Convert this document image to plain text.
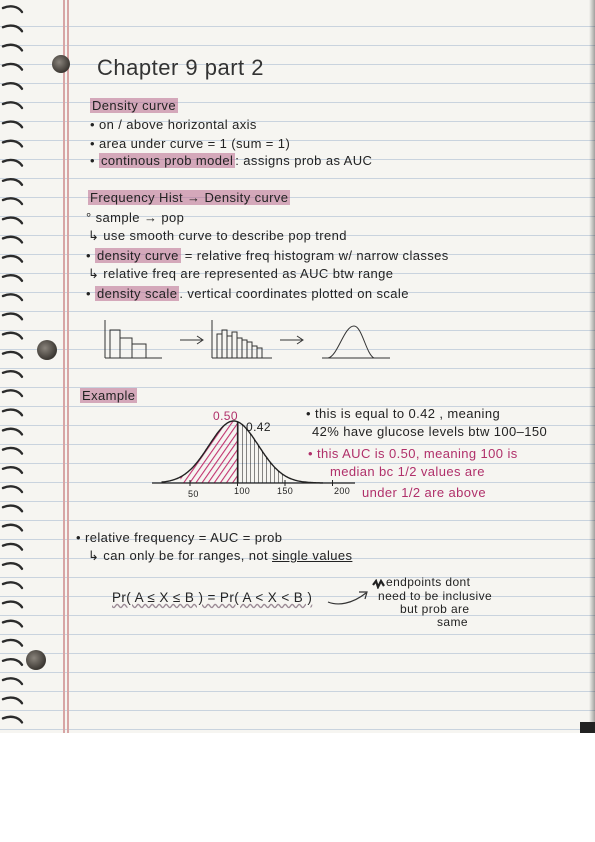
Chapter 9 part 2
Density curve
• on / above horizontal axis
• area under curve = 1 (sum = 1)
• continous prob model : assigns prob as AUC
Frequency Hist → Density curve
° sample → pop
↳ use smooth curve to describe pop trend
• density curve = relative freq histogram w/ narrow classes
↳ relative freq are represented as AUC btw range
• density scale . vertical coordinates plotted on scale
Example
0.50
0.42
50	100	150	200
• this is equal to 0.42 , meaning
42% have glucose levels btw 100–150
• this AUC is 0.50, meaning 100 is
median bc 1/2 values are
under 1/2 are above
• relative frequency = AUC = prob
↳ can only be for ranges, not single values
Pr( A ≤ X ≤ B ) = Pr( A < X < B )
endpoints dont
need to be inclusive
but prob are
same
